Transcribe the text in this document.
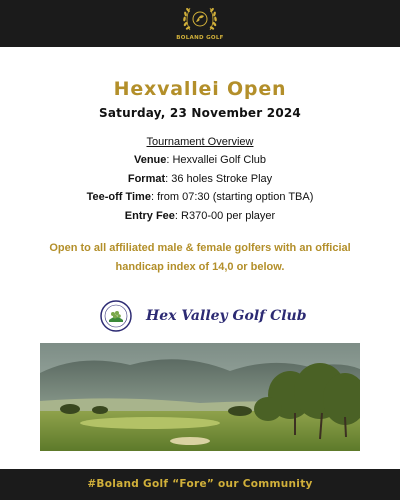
BOLAND GOLF
Hexvallei Open
Saturday, 23 November 2024
Tournament Overview
Venue: Hexvallei Golf Club
Format: 36 holes Stroke Play
Tee-off Time: from 07:30 (starting option TBA)
Entry Fee: R370-00 per player
Open to all affiliated male & female golfers with an official
handicap index of 14,0 or below.
Hex Valley Golf Club
#Boland Golf “Fore” our Community
